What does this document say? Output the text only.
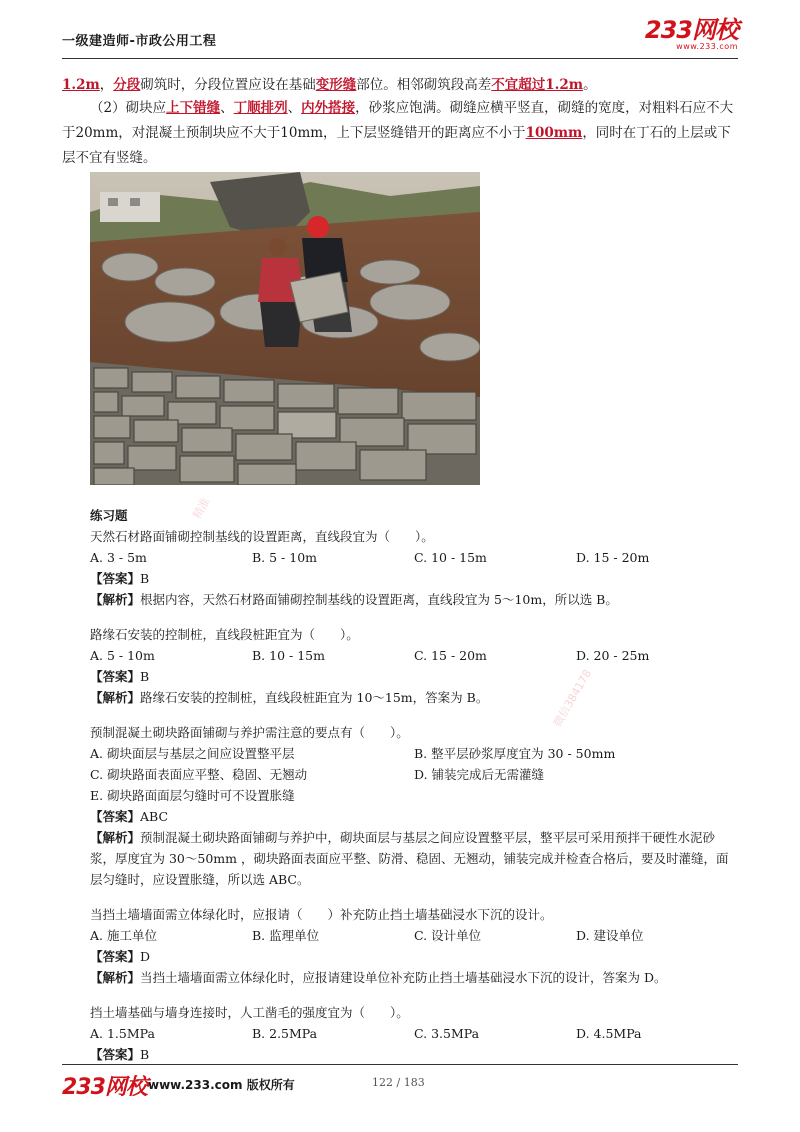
一级建造师-市政公用工程	233网校
www.233.com
1.2m，分段砌筑时，分段位置应设在基础变形缝部位。相邻砌筑段高差不宜超过1.2m。
（2）砌块应上下错缝、丁顺排列、内外搭接，砂浆应饱满。砌缝应横平竖直，砌缝的宽度，对粗料石应不大于20mm，对混凝土预制块应不大于10mm，上下层竖缝错开的距离应不小于100mm，同时在丁石的上层或下层不宜有竖缝。
精准
微信384178
练习题
天然石材路面铺砌控制基线的设置距离，直线段宜为（　　）。
A. 3 - 5m	B. 5 - 10m	C. 10 - 15m	D. 15 - 20m
【答案】B
【解析】根据内容，天然石材路面铺砌控制基线的设置距离，直线段宜为 5～10m，所以选 B。
路缘石安装的控制桩，直线段桩距宜为（　　）。
A. 5 - 10m	B. 10 - 15m	C. 15 - 20m	D. 20 - 25m
【答案】B
【解析】路缘石安装的控制桩，直线段桩距宜为 10～15m，答案为 B。
预制混凝土砌块路面铺砌与养护需注意的要点有（　　）。
A. 砌块面层与基层之间应设置整平层	B. 整平层砂浆厚度宜为 30 - 50mm
C. 砌块路面表面应平整、稳固、无翘动	D. 铺装完成后无需灌缝
E. 砌块路面面层匀缝时可不设置胀缝
【答案】ABC
【解析】预制混凝土砌块路面铺砌与养护中，砌块面层与基层之间应设置整平层，整平层可采用预拌干硬性水泥砂浆，厚度宜为 30～50mm ，砌块路面表面应平整、防滑、稳固、无翘动，铺装完成并检查合格后，要及时灌缝，面层匀缝时，应设置胀缝，所以选 ABC。
当挡土墙墙面需立体绿化时，应报请（　　）补充防止挡土墙基础浸水下沉的设计。
A. 施工单位	B. 监理单位	C. 设计单位	D. 建设单位
【答案】D
【解析】当挡土墙墙面需立体绿化时，应报请建设单位补充防止挡土墙基础浸水下沉的设计，答案为 D。
挡土墙基础与墙身连接时，人工凿毛的强度宜为（　　）。
A. 1.5MPa	B. 2.5MPa	C. 3.5MPa	D. 4.5MPa
【答案】B
233网校 www.233.com 版权所有	122 / 183
